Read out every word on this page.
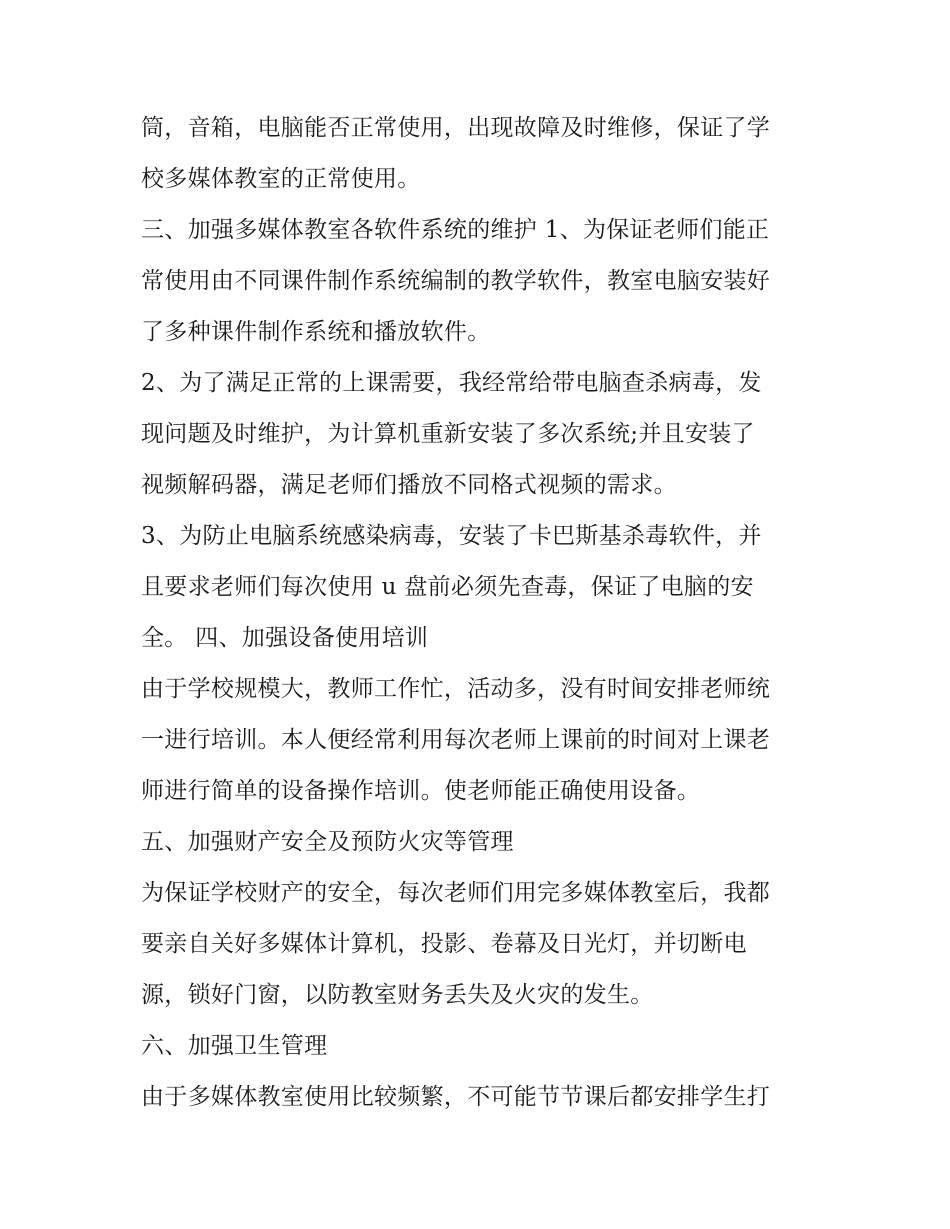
筒，音箱，电脑能否正常使用，出现故障及时维修，保证了学
校多媒体教室的正常使用。
三、加强多媒体教室各软件系统的维护 1、为保证老师们能正
常使用由不同课件制作系统编制的教学软件，教室电脑安装好
了多种课件制作系统和播放软件。
2、为了满足正常的上课需要，我经常给带电脑查杀病毒，发
现问题及时维护，为计算机重新安装了多次系统;并且安装了
视频解码器，满足老师们播放不同格式视频的需求。
3、为防止电脑系统感染病毒，安装了卡巴斯基杀毒软件，并
且要求老师们每次使用 u 盘前必须先查毒，保证了电脑的安
全。 四、加强设备使用培训
由于学校规模大，教师工作忙，活动多，没有时间安排老师统
一进行培训。本人便经常利用每次老师上课前的时间对上课老
师进行简单的设备操作培训。使老师能正确使用设备。
五、加强财产安全及预防火灾等管理
为保证学校财产的安全，每次老师们用完多媒体教室后，我都
要亲自关好多媒体计算机，投影、卷幕及日光灯，并切断电
源，锁好门窗，以防教室财务丢失及火灾的发生。
六、加强卫生管理
由于多媒体教室使用比较频繁，不可能节节课后都安排学生打
